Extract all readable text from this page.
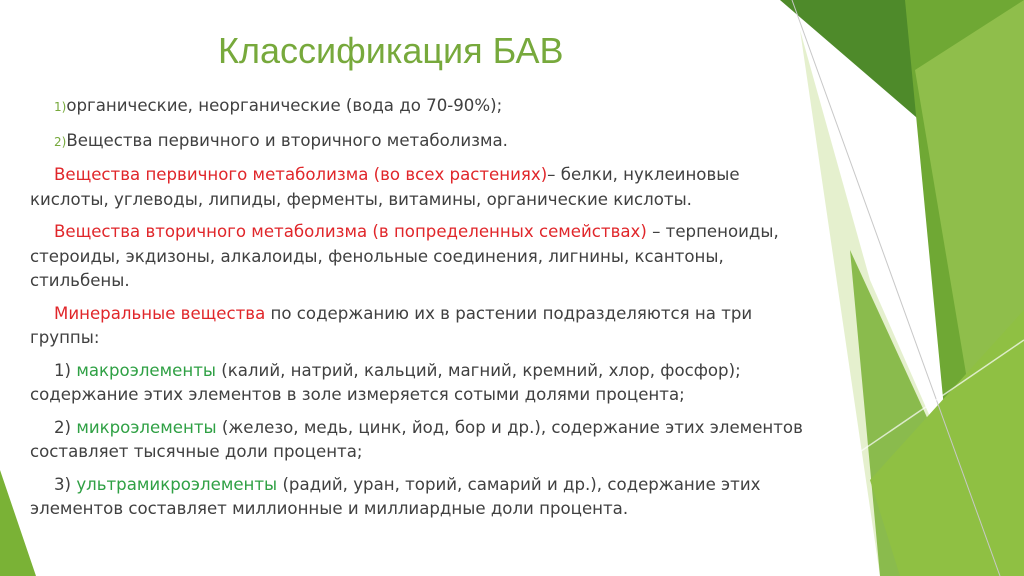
Классификация БАВ

1)органические, неорганические (вода до 70-90%);

2)Вещества первичного и вторичного метаболизма.

Вещества первичного метаболизма (во всех растениях)– белки, нуклеиновые кислоты, углеводы, липиды, ферменты, витамины, органические кислоты.

Вещества вторичного метаболизма (в попределенных семействах) – терпеноиды, стероиды, экдизоны, алкалоиды, фенольные соединения, лигнины, ксантоны, стильбены.

Минеральные вещества по содержанию их в растении подразделяются на три группы:

1) макроэлементы (калий, натрий, кальций, магний, кремний, хлор, фосфор); содержание этих элементов в золе измеряется сотыми долями процента;

2) микроэлементы (железо, медь, цинк, йод, бор и др.), содержание этих элементов составляет тысячные доли процента;

3) ультрамикроэлементы (радий, уран, торий, самарий и др.), содержание этих элементов составляет миллионные и миллиардные доли процента.
